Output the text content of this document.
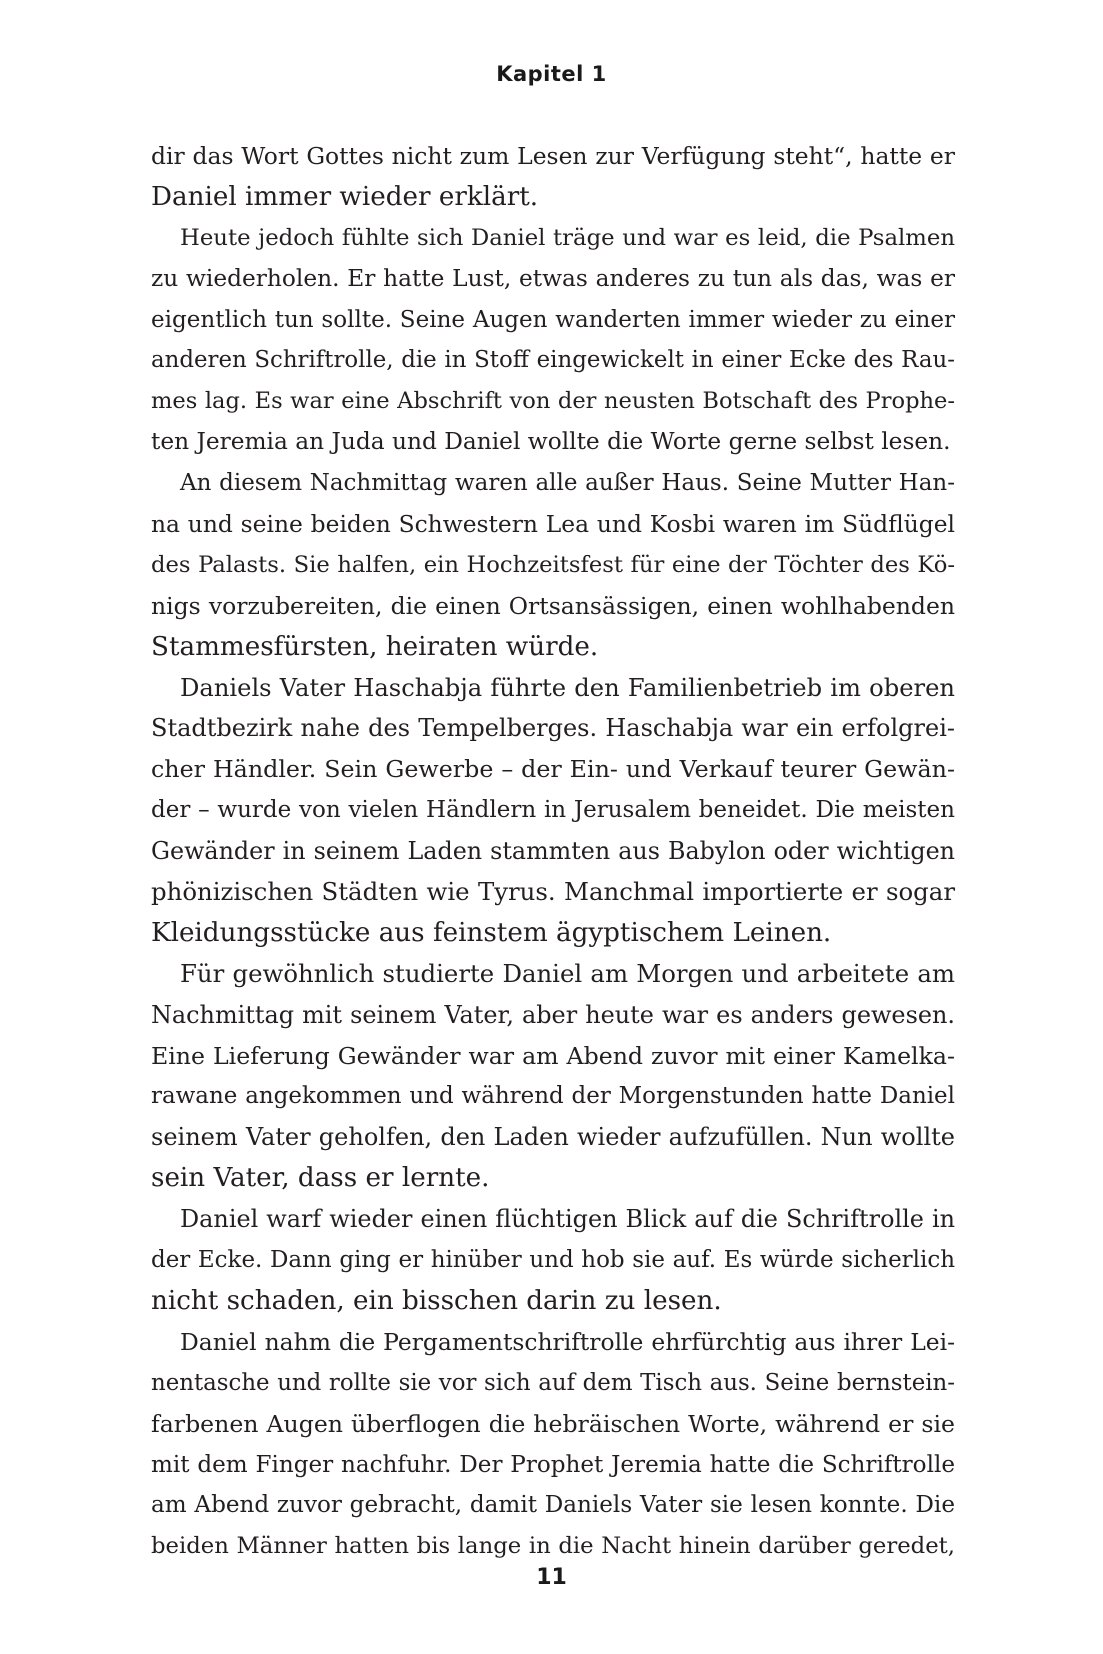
Kapitel 1
dir das Wort Gottes nicht zum Lesen zur Verfügung steht“, hatte er
Daniel immer wieder erklärt.
Heute jedoch fühlte sich Daniel träge und war es leid, die Psalmen
zu wiederholen. Er hatte Lust, etwas anderes zu tun als das, was er
eigentlich tun sollte. Seine Augen wanderten immer wieder zu einer
anderen Schriftrolle, die in Stoff eingewickelt in einer Ecke des Rau-
mes lag. Es war eine Abschrift von der neusten Botschaft des Prophe-
ten Jeremia an Juda und Daniel wollte die Worte gerne selbst lesen.
An diesem Nachmittag waren alle außer Haus. Seine Mutter Han-
na und seine beiden Schwestern Lea und Kosbi waren im Südflügel
des Palasts. Sie halfen, ein Hochzeitsfest für eine der Töchter des Kö-
nigs vorzubereiten, die einen Ortsansässigen, einen wohlhabenden
Stammesfürsten, heiraten würde.
Daniels Vater Haschabja führte den Familienbetrieb im oberen
Stadtbezirk nahe des Tempelberges. Haschabja war ein erfolgrei-
cher Händler. Sein Gewerbe – der Ein- und Verkauf teurer Gewän-
der – wurde von vielen Händlern in Jerusalem beneidet. Die meisten
Gewänder in seinem Laden stammten aus Babylon oder wichtigen
phönizischen Städten wie Tyrus. Manchmal importierte er sogar
Kleidungsstücke aus feinstem ägyptischem Leinen.
Für gewöhnlich studierte Daniel am Morgen und arbeitete am
Nachmittag mit seinem Vater, aber heute war es anders gewesen.
Eine Lieferung Gewänder war am Abend zuvor mit einer Kamelka-
rawane angekommen und während der Morgenstunden hatte Daniel
seinem Vater geholfen, den Laden wieder aufzufüllen. Nun wollte
sein Vater, dass er lernte.
Daniel warf wieder einen flüchtigen Blick auf die Schriftrolle in
der Ecke. Dann ging er hinüber und hob sie auf. Es würde sicherlich
nicht schaden, ein bisschen darin zu lesen.
Daniel nahm die Pergamentschriftrolle ehrfürchtig aus ihrer Lei-
nentasche und rollte sie vor sich auf dem Tisch aus. Seine bernstein-
farbenen Augen überflogen die hebräischen Worte, während er sie
mit dem Finger nachfuhr. Der Prophet Jeremia hatte die Schriftrolle
am Abend zuvor gebracht, damit Daniels Vater sie lesen konnte. Die
beiden Männer hatten bis lange in die Nacht hinein darüber geredet,
11
